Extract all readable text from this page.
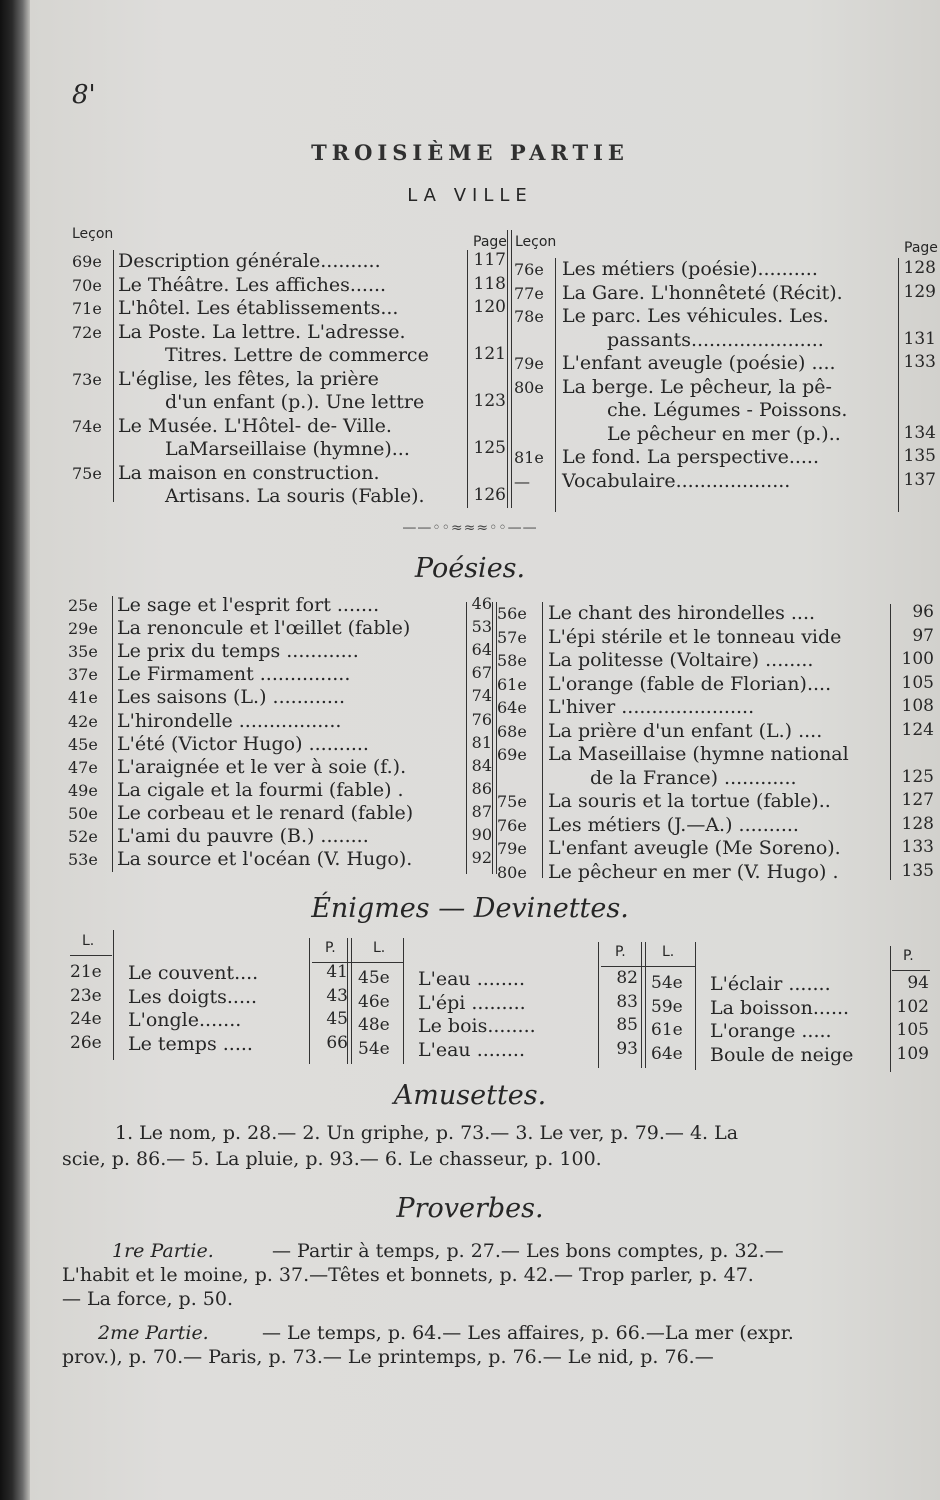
8'
TROISIÈME PARTIE
LA VILLE
Leçon	Page Leçon	Page
69e Description générale..........	117
70e Le Théâtre. Les affiches......	118
71e L'hôtel. Les établissements...	120
72e La Poste. La lettre. L'adresse.
Titres. Lettre de commerce	121
73e L'église, les fêtes, la prière
d'un enfant (p.). Une lettre	123
74e Le Musée. L'Hôtel- de- Ville.
LaMarseillaise (hymne)...	125
75e La maison en construction.
Artisans. La souris (Fable).	126
76e Les métiers (poésie)..........	128
77e La Gare. L'honnêteté (Récit).	129
78e Le parc. Les véhicules. Les.
passants......................	131
79e L'enfant aveugle (poésie) ....	133
80e La berge. Le pêcheur, la pê-
che. Légumes - Poissons.
Le pêcheur en mer (p.)..	134
81e Le fond. La perspective.....	135
— Vocabulaire...................	137
——◦◦≈≈≈◦◦——
Poésies.
25e Le sage et l'esprit fort .......	46
29e La renoncule et l'œillet (fable)	53
35e Le prix du temps ............	64
37e Le Firmament ...............	67
41e Les saisons (L.) ............	74
42e L'hirondelle .................	76
45e L'été (Victor Hugo) ..........	81
47e L'araignée et le ver à soie (f.).	84
49e La cigale et la fourmi (fable) .	86
50e Le corbeau et le renard (fable)	87
52e L'ami du pauvre (B.) ........	90
53e La source et l'océan (V. Hugo).	92
56e Le chant des hirondelles ....	96
57e L'épi stérile et le tonneau vide	97
58e La politesse (Voltaire) ........	100
61e L'orange (fable de Florian)....	105
64e L'hiver ......................	108
68e La prière d'un enfant (L.) ....	124
69e La Maseillaise (hymne national
de la France) ............	125
75e La souris et la tortue (fable)..	127
76e Les métiers (J.—A.) ..........	128
79e L'enfant aveugle (Me Soreno).	133
80e Le pêcheur en mer (V. Hugo) .	135
Énigmes — Devinettes.
L.	P.	L.	P.	L.	P.
21e Le couvent....	41
23e Les doigts.....	43
24e L'ongle.......	45
26e Le temps .....	66
45e L'eau ........	82
46e L'épi .........	83
48e Le bois........	85
54e L'eau ........	93
54e L'éclair .......	94
59e La boisson......	102
61e L'orange .....	105
64e Boule de neige	109
Amusettes.
1. Le nom, p. 28.— 2. Un griphe, p. 73.— 3. Le ver, p. 79.— 4. La
scie, p. 86.— 5. La pluie, p. 93.— 6. Le chasseur, p. 100.
Proverbes.
1re Partie.	— Partir à temps, p. 27.— Les bons comptes, p. 32.—
L'habit et le moine, p. 37.—Têtes et bonnets, p. 42.— Trop parler, p. 47.
— La force, p. 50.
2me Partie.	— Le temps, p. 64.— Les affaires, p. 66.—La mer (expr.
prov.), p. 70.— Paris, p. 73.— Le printemps, p. 76.— Le nid, p. 76.—
